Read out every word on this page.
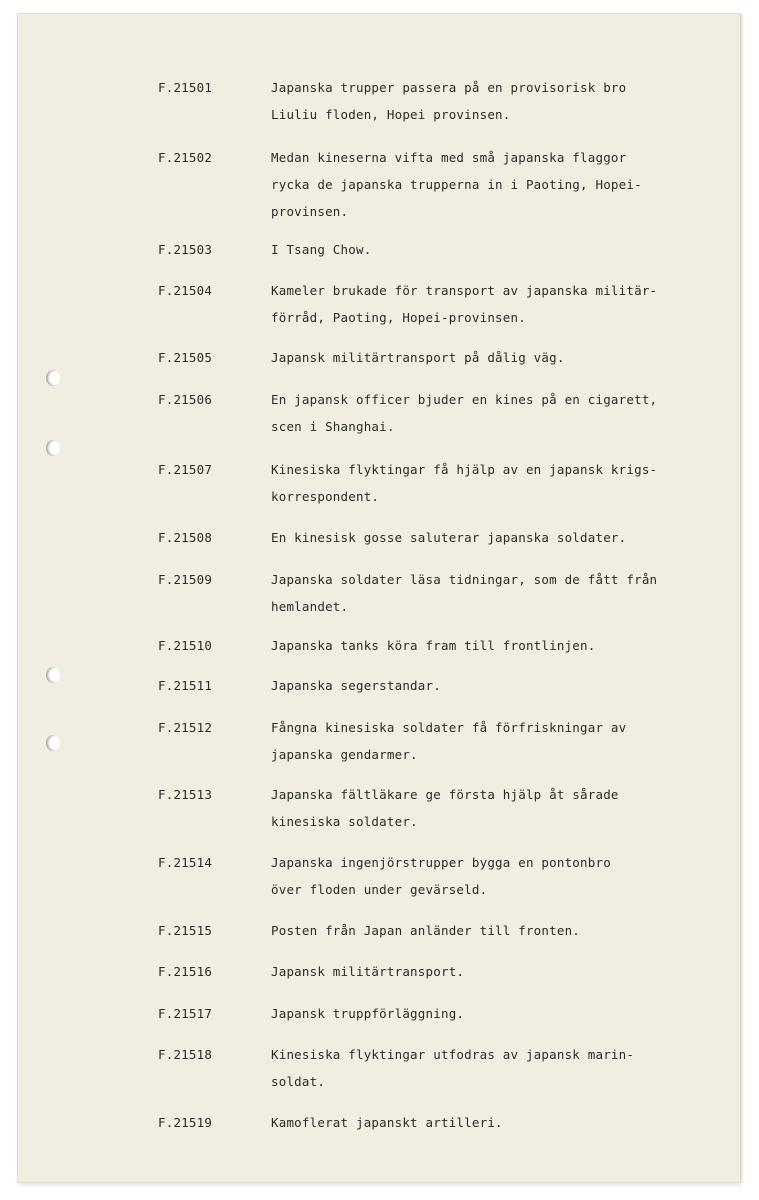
F.21501	Japanska trupper passera på en provisorisk bro
Liuliu floden, Hopei provinsen.
F.21502	Medan kineserna vifta med små japanska flaggor
rycka de japanska trupperna in i Paoting, Hopei-
provinsen.
F.21503	I Tsang Chow.
F.21504	Kameler brukade för transport av japanska militär-
förråd, Paoting, Hopei-provinsen.
F.21505	Japansk militärtransport på dålig väg.
F.21506	En japansk officer bjuder en kines på en cigarett,
scen i Shanghai.
F.21507	Kinesiska flyktingar få hjälp av en japansk krigs-
korrespondent.
F.21508	En kinesisk gosse saluterar japanska soldater.
F.21509	Japanska soldater läsa tidningar, som de fått från
hemlandet.
F.21510	Japanska tanks köra fram till frontlinjen.
F.21511	Japanska segerstandar.
F.21512	Fångna kinesiska soldater få förfriskningar av
japanska gendarmer.
F.21513	Japanska fältläkare ge första hjälp åt sårade
kinesiska soldater.
F.21514	Japanska ingenjörstrupper bygga en pontonbro
över floden under gevärseld.
F.21515	Posten från Japan anländer till fronten.
F.21516	Japansk militärtransport.
F.21517	Japansk truppförläggning.
F.21518	Kinesiska flyktingar utfodras av japansk marin-
soldat.
F.21519	Kamoflerat japanskt artilleri.
